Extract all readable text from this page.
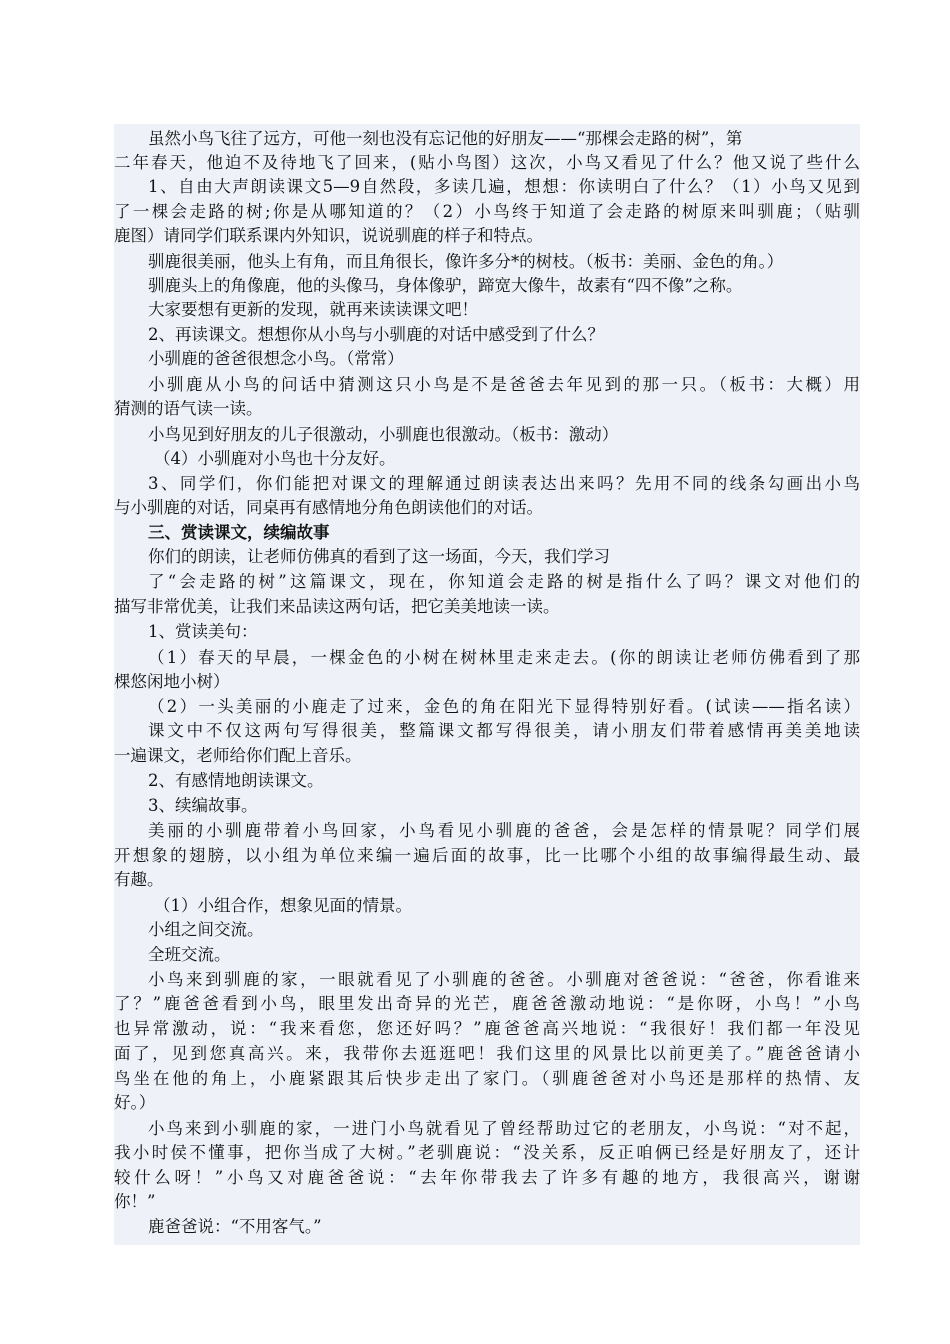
虽然小鸟飞往了远方，可他一刻也没有忘记他的好朋友——“那棵会走路的树”，第
二年春天，他迫不及待地飞了回来，(贴小鸟图）这次，小鸟又看见了什么？他又说了些什么
1、自由大声朗读课文5—9自然段，多读几遍，想想：你读明白了什么？（1）小鸟又见到
了一棵会走路的树;你是从哪知道的？（2）小鸟终于知道了会走路的树原来叫驯鹿；（贴驯
鹿图）请同学们联系课内外知识，说说驯鹿的样子和特点。
驯鹿很美丽，他头上有角，而且角很长，像许多分*的树枝。（板书：美丽、金色的角。）
驯鹿头上的角像鹿，他的头像马，身体像驴，蹄宽大像牛，故素有“四不像”之称。
大家要想有更新的发现，就再来读读课文吧！
2、再读课文。想想你从小鸟与小驯鹿的对话中感受到了什么？
小驯鹿的爸爸很想念小鸟。（常常）
小驯鹿从小鸟的问话中猜测这只小鸟是不是爸爸去年见到的那一只。（板书：大概）用
猜测的语气读一读。
小鸟见到好朋友的儿子很激动，小驯鹿也很激动。（板书：激动）
（4）小驯鹿对小鸟也十分友好。
3、同学们，你们能把对课文的理解通过朗读表达出来吗？先用不同的线条勾画出小鸟
与小驯鹿的对话，同桌再有感情地分角色朗读他们的对话。
三、赏读课文，续编故事
你们的朗读，让老师仿佛真的看到了这一场面，今天，我们学习
了“会走路的树”这篇课文，现在，你知道会走路的树是指什么了吗？课文对他们的
描写非常优美，让我们来品读这两句话，把它美美地读一读。
1、赏读美句：
（1）春天的早晨，一棵金色的小树在树林里走来走去。(你的朗读让老师仿佛看到了那
棵悠闲地小树）
（2）一头美丽的小鹿走了过来，金色的角在阳光下显得特别好看。(试读——指名读）
课文中不仅这两句写得很美，整篇课文都写得很美，请小朋友们带着感情再美美地读
一遍课文，老师给你们配上音乐。
2、有感情地朗读课文。
3、续编故事。
美丽的小驯鹿带着小鸟回家，小鸟看见小驯鹿的爸爸，会是怎样的情景呢？同学们展
开想象的翅膀，以小组为单位来编一遍后面的故事，比一比哪个小组的故事编得最生动、最
有趣。
（1）小组合作，想象见面的情景。
小组之间交流。
全班交流。
小鸟来到驯鹿的家，一眼就看见了小驯鹿的爸爸。小驯鹿对爸爸说：“爸爸，你看谁来
了？”鹿爸爸看到小鸟，眼里发出奇异的光芒，鹿爸爸激动地说：“是你呀，小鸟！”小鸟
也异常激动，说：“我来看您，您还好吗？”鹿爸爸高兴地说：“我很好！我们都一年没见
面了，见到您真高兴。来，我带你去逛逛吧！我们这里的风景比以前更美了。”鹿爸爸请小
鸟坐在他的角上，小鹿紧跟其后快步走出了家门。（驯鹿爸爸对小鸟还是那样的热情、友
好。）
小鸟来到小驯鹿的家，一进门小鸟就看见了曾经帮助过它的老朋友，小鸟说：“对不起，
我小时侯不懂事，把你当成了大树。”老驯鹿说：“没关系，反正咱俩已经是好朋友了，还计
较什么呀！”小鸟又对鹿爸爸说：“去年你带我去了许多有趣的地方，我很高兴，谢谢
你！”
鹿爸爸说：“不用客气。”
